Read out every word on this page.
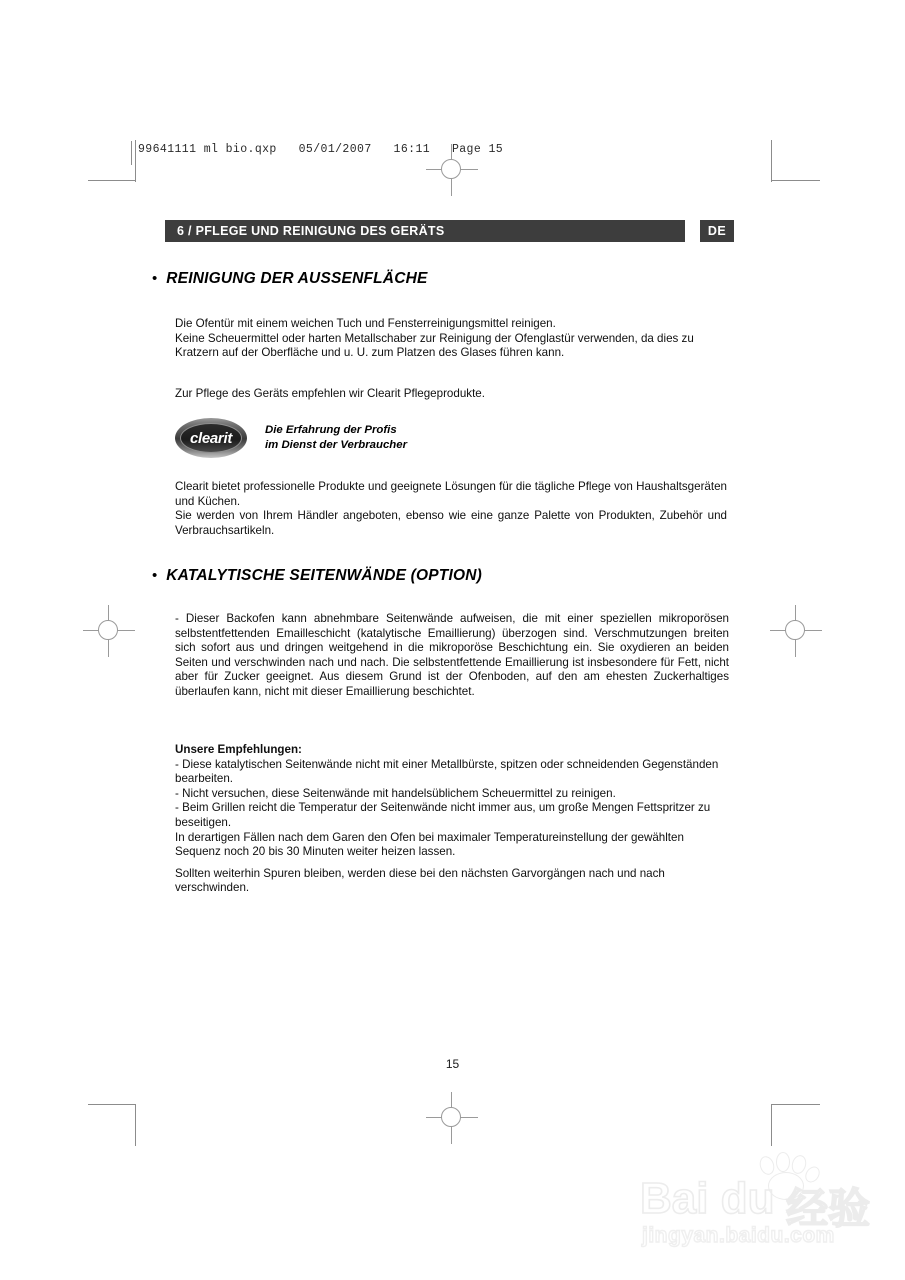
99641111 ml bio.qxp   05/01/2007   16:11   Page 15
6 / PFLEGE UND REINIGUNG DES GERÄTS	DE
• REINIGUNG DER AUSSENFLÄCHE

Die Ofentür mit einem weichen Tuch und Fensterreinigungsmittel reinigen.

Keine Scheuermittel oder harten Metallschaber zur Reinigung der Ofenglastür verwenden, da dies zu Kratzern auf der Oberfläche und u. U. zum Platzen des Glases führen kann.

Zur Pflege des Geräts empfehlen wir Clearit Pflegeprodukte.

clearit	Die Erfahrung der Profis
im Dienst der Verbraucher

Clearit bietet professionelle Produkte und geeignete Lösungen für die tägliche Pflege von Haushaltsgeräten und Küchen.

Sie werden von Ihrem Händler angeboten, ebenso wie eine ganze Palette von Produkten, Zubehör und Verbrauchsartikeln.

• KATALYTISCHE SEITENWÄNDE (OPTION)

- Dieser Backofen kann abnehmbare Seitenwände aufweisen, die mit einer speziellen mikroporösen selbstentfettenden Emailleschicht (katalytische Emaillierung) überzogen sind. Verschmutzungen breiten sich sofort aus und dringen weitgehend in die mikroporöse Beschichtung ein. Sie oxydieren an beiden Seiten und verschwinden nach und nach. Die selbstentfettende Emaillierung ist insbesondere für Fett, nicht aber für Zucker geeignet. Aus diesem Grund ist der Ofenboden, auf den am ehesten Zuckerhaltiges überlaufen kann, nicht mit dieser Emaillierung beschichtet.

Unsere Empfehlungen:

- Diese katalytischen Seitenwände nicht mit einer Metallbürste, spitzen oder schneidenden Gegenständen bearbeiten.

- Nicht versuchen, diese Seitenwände mit handelsüblichem Scheuermittel zu reinigen.

- Beim Grillen reicht die Temperatur der Seitenwände nicht immer aus, um große Mengen Fettspritzer zu beseitigen.

In derartigen Fällen nach dem Garen den Ofen bei maximaler Temperatureinstellung der gewählten Sequenz noch 20 bis 30 Minuten weiter heizen lassen.

Sollten weiterhin Spuren bleiben, werden diese bei den nächsten Garvorgängen nach und nach verschwinden.

15
Bai du 经验
jingyan.baidu.com
